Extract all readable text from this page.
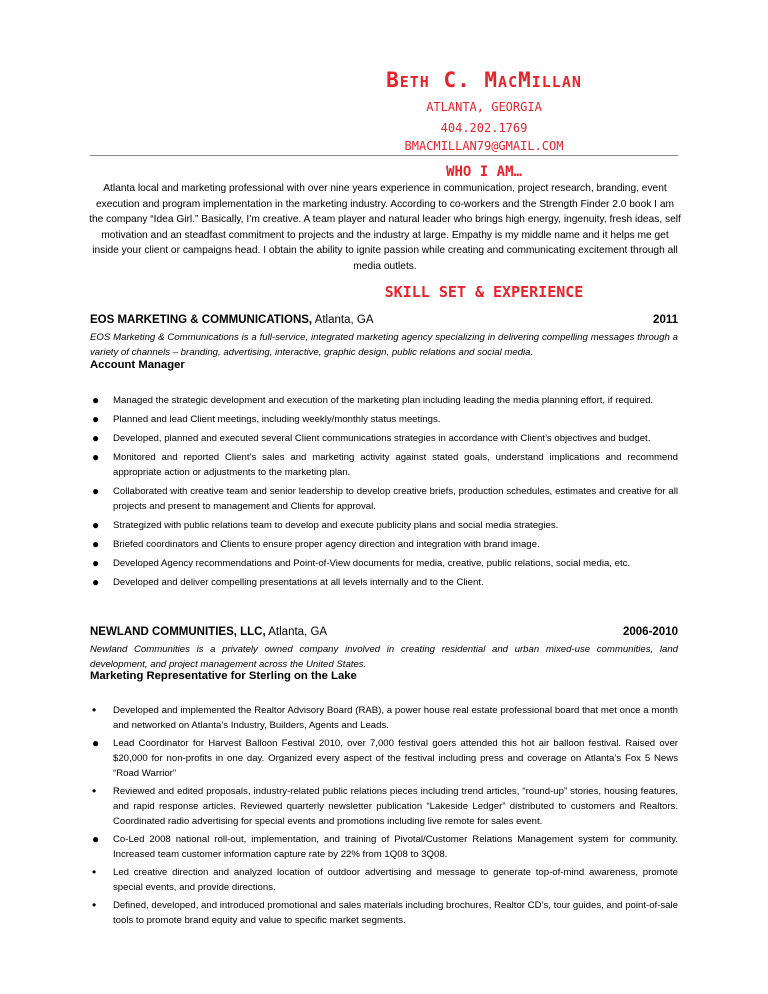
Beth C. MacMillan
ATLANTA, GEORGIA
404.202.1769
BMACMILLAN79@GMAIL.COM
WHO I AM…
Atlanta local and marketing professional with over nine years experience in communication, project research, branding, event execution and program implementation in the marketing industry. According to co-workers and the Strength Finder 2.0 book I am the company “Idea Girl.” Basically, I’m creative. A team player and natural leader who brings high energy, ingenuity, fresh ideas, self motivation and an steadfast commitment to projects and the industry at large. Empathy is my middle name and it helps me get inside your client or campaigns head. I obtain the ability to ignite passion while creating and communicating excitement through all media outlets.
SKILL SET & EXPERIENCE
EOS MARKETING & COMMUNICATIONS, Atlanta, GA	2011
EOS Marketing & Communications is a full-service, integrated marketing agency specializing in delivering compelling messages through a variety of channels – branding, advertising, interactive, graphic design, public relations and social media.
Account Manager
● Managed the strategic development and execution of the marketing plan including leading the media planning effort, if required.
● Planned and lead Client meetings, including weekly/monthly status meetings.
● Developed, planned and executed several Client communications strategies in accordance with Client’s objectives and budget.
● Monitored and reported Client’s sales and marketing activity against stated goals, understand implications and recommend appropriate action or adjustments to the marketing plan.
● Collaborated with creative team and senior leadership to develop creative briefs, production schedules, estimates and creative for all projects and present to management and Clients for approval.
● Strategized with public relations team to develop and execute publicity plans and social media strategies.
● Briefed coordinators and Clients to ensure proper agency direction and integration with brand image.
● Developed Agency recommendations and Point-of-View documents for media, creative, public relations, social media, etc.
● Developed and deliver compelling presentations at all levels internally and to the Client.
NEWLAND COMMUNITIES, LLC, Atlanta, GA	2006-2010
Newland Communities is a privately owned company involved in creating residential and urban mixed-use communities, land development, and project management across the United States.
Marketing Representative for Sterling on the Lake
• Developed and implemented the Realtor Advisory Board (RAB), a power house real estate professional board that met once a month and networked on Atlanta’s Industry, Builders, Agents and Leads.
● Lead Coordinator for Harvest Balloon Festival 2010, over 7,000 festival goers attended this hot air balloon festival. Raised over $20,000 for non-profits in one day. Organized every aspect of the festival including press and coverage on Atlanta’s Fox 5 News “Road Warrior”
• Reviewed and edited proposals, industry-related public relations pieces including trend articles, “round-up” stories, housing features, and rapid response articles. Reviewed quarterly newsletter publication “Lakeside Ledger” distributed to customers and Realtors. Coordinated radio advertising for special events and promotions including live remote for sales event.
● Co-Led 2008 national roll-out, implementation, and training of Pivotal/Customer Relations Management system for community. Increased team customer information capture rate by 22% from 1Q08 to 3Q08.
• Led creative direction and analyzed location of outdoor advertising and message to generate top-of-mind awareness, promote special events, and provide directions.
• Defined, developed, and introduced promotional and sales materials including brochures, Realtor CD’s, tour guides, and point-of-sale tools to promote brand equity and value to specific market segments.
